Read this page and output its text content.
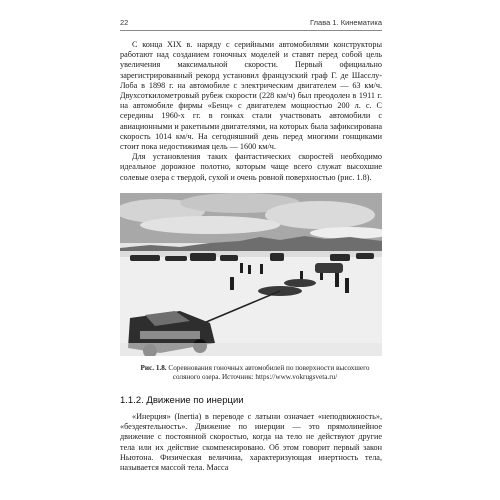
22	Глава 1. Кинематика

С конца XIX в. наряду с серийными автомобилями конструкторы работают над созданием гоночных моделей и ставят перед собой цель увеличения максимальной скорости. Первый официально зарегистрированный рекорд установил французский граф Г. де Шасслу-Лоба в 1898 г. на автомобиле с электрическим двигателем — 63 км/ч. Двухсоткилометровый рубеж скорости (228 км/ч) был преодолен в 1911 г. на автомобиле фирмы «Бенц» с двигателем мощностью 200 л. с. С середины 1960-х гг. в гонках стали участвовать автомобили с авиационными и ракетными двигателями, на которых была зафиксирована скорость 1014 км/ч. На сегодняшний день перед многими гонщиками стоит пока недостижимая цель — 1600 км/ч.

Для установления таких фантастических скоростей необходимо идеальное дорожное полотно, которым чаще всего служат высохшие солевые озера с твердой, сухой и очень ровной поверхностью (рис. 1.8).

Рис. 1.8. Соревнования гоночных автомобилей по поверхности высохшего соляного озера. Источник: https://www.vokrugsveta.ru/
1.1.2. Движение по инерции

«Инерция» (Inertia) в переводе с латыни означает «неподвижность», «бездеятельность». Движение по инерции — это прямолинейное движение с постоянной скоростью, когда на тело не действуют другие тела или их действие скомпенсировано. Об этом говорит первый закон Ньютона. Физическая величина, характеризующая инертность тела, называется массой тела. Масса
